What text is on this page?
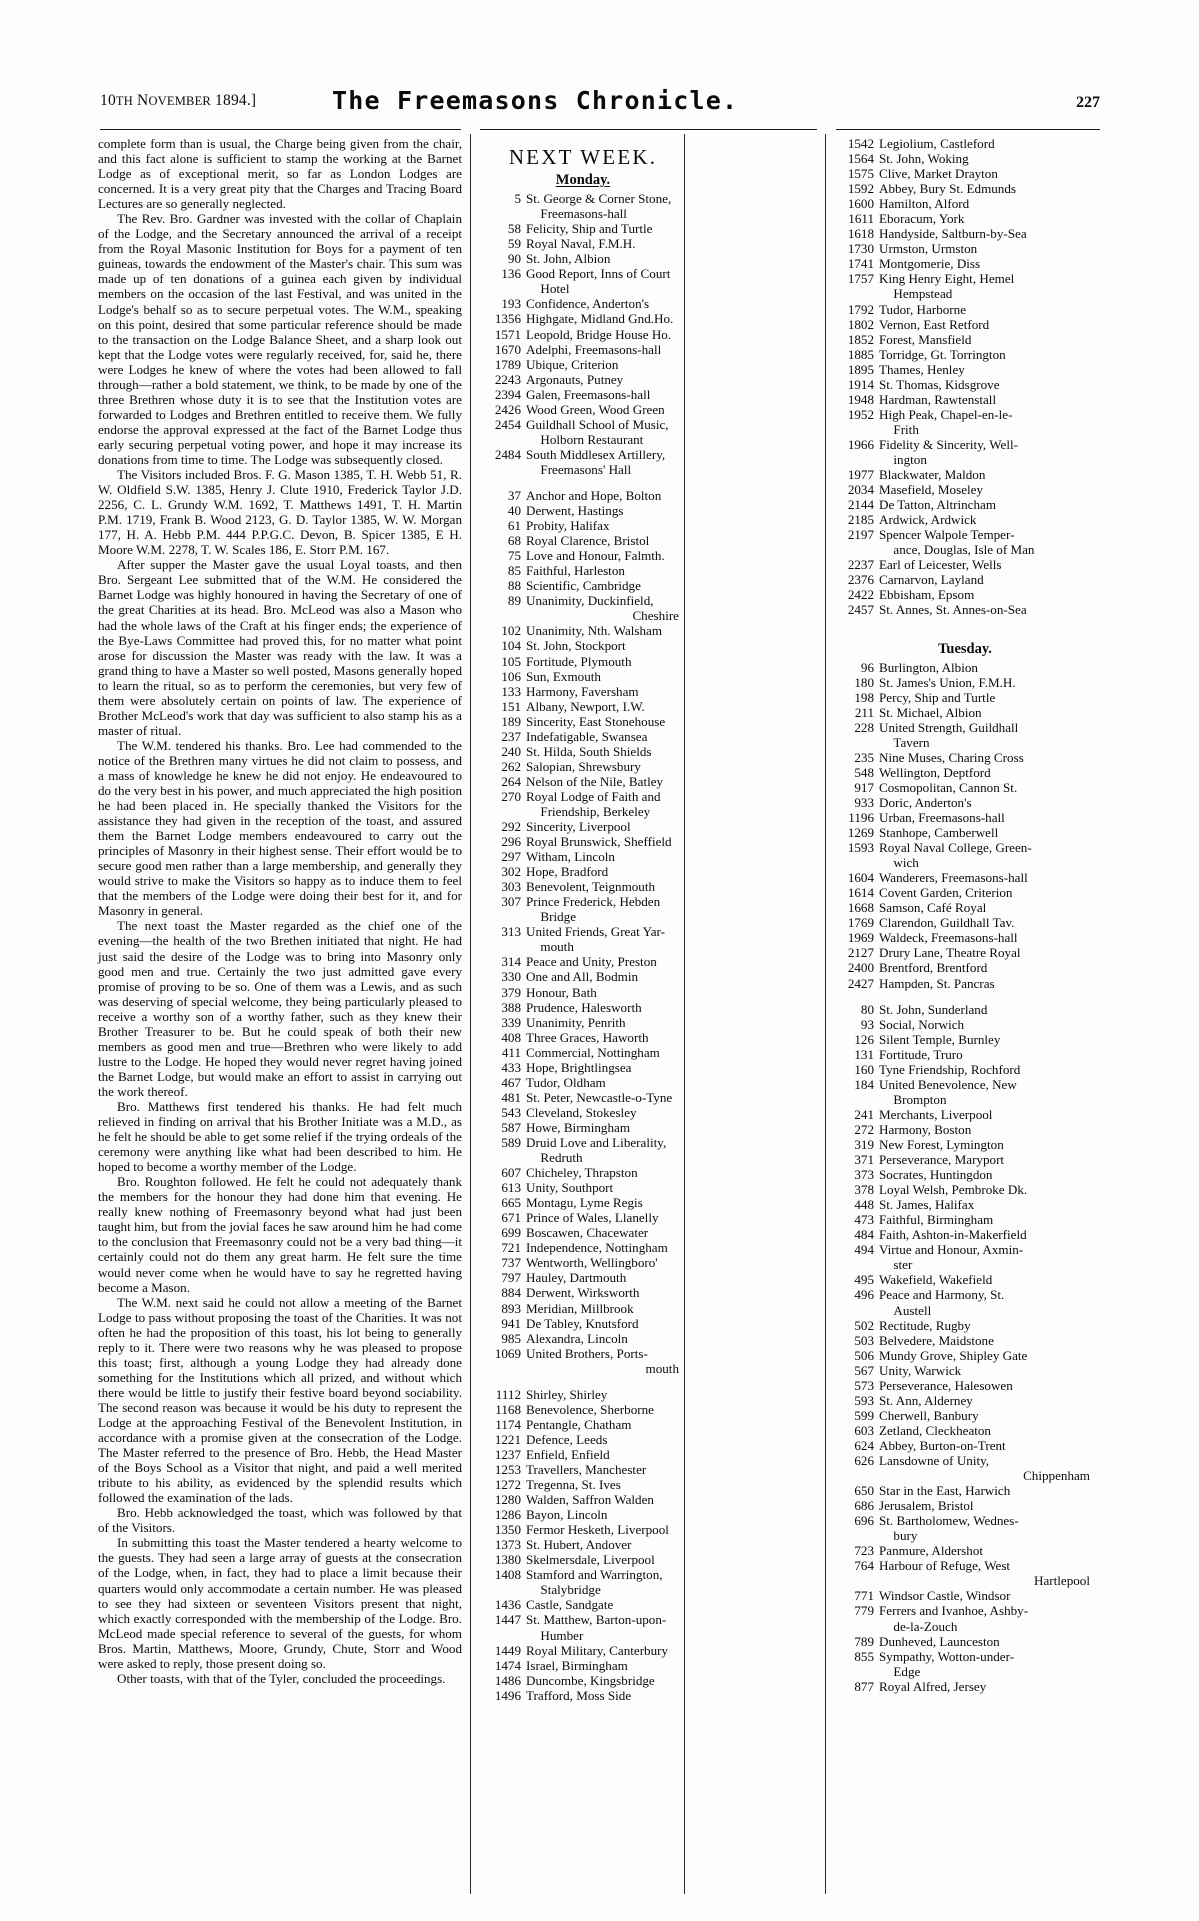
10TH NOVEMBER 1894.]	The Freemasons Chronicle.	227

complete form than is usual, the Charge being given from the chair, and this fact alone is sufficient to stamp the working at the Barnet Lodge as of exceptional merit, so far as London Lodges are concerned. It is a very great pity that the Charges and Tracing Board Lectures are so generally neglected.

The Rev. Bro. Gardner was invested with the collar of Chaplain of the Lodge, and the Secretary announced the arrival of a receipt from the Royal Masonic Institution for Boys for a payment of ten guineas, towards the endowment of the Master's chair. This sum was made up of ten donations of a guinea each given by individual members on the occasion of the last Festival, and was united in the Lodge's behalf so as to secure perpetual votes. The W.M., speaking on this point, desired that some particular reference should be made to the transaction on the Lodge Balance Sheet, and a sharp look out kept that the Lodge votes were regularly received, for, said he, there were Lodges he knew of where the votes had been allowed to fall through—rather a bold statement, we think, to be made by one of the three Brethren whose duty it is to see that the Institution votes are forwarded to Lodges and Brethren entitled to receive them. We fully endorse the approval expressed at the fact of the Barnet Lodge thus early securing perpetual voting power, and hope it may increase its donations from time to time. The Lodge was subsequently closed.

The Visitors included Bros. F. G. Mason 1385, T. H. Webb 51, R. W. Oldfield S.W. 1385, Henry J. Clute 1910, Frederick Taylor J.D. 2256, C. L. Grundy W.M. 1692, T. Matthews 1491, T. H. Martin P.M. 1719, Frank B. Wood 2123, G. D. Taylor 1385, W. W. Morgan 177, H. A. Hebb P.M. 444 P.P.G.C. Devon, B. Spicer 1385, E H. Moore W.M. 2278, T. W. Scales 186, E. Storr P.M. 167.

After supper the Master gave the usual Loyal toasts, and then Bro. Sergeant Lee submitted that of the W.M. He considered the Barnet Lodge was highly honoured in having the Secretary of one of the great Charities at its head. Bro. McLeod was also a Mason who had the whole laws of the Craft at his finger ends; the experience of the Bye-Laws Committee had proved this, for no matter what point arose for discussion the Master was ready with the law. It was a grand thing to have a Master so well posted, Masons generally hoped to learn the ritual, so as to perform the ceremonies, but very few of them were absolutely certain on points of law. The experience of Brother McLeod's work that day was sufficient to also stamp his as a master of ritual.

The W.M. tendered his thanks. Bro. Lee had commended to the notice of the Brethren many virtues he did not claim to possess, and a mass of knowledge he knew he did not enjoy. He endeavoured to do the very best in his power, and much appreciated the high position he had been placed in. He specially thanked the Visitors for the assistance they had given in the reception of the toast, and assured them the Barnet Lodge members endeavoured to carry out the principles of Masonry in their highest sense. Their effort would be to secure good men rather than a large membership, and generally they would strive to make the Visitors so happy as to induce them to feel that the members of the Lodge were doing their best for it, and for Masonry in general.

The next toast the Master regarded as the chief one of the evening—the health of the two Brethen initiated that night. He had just said the desire of the Lodge was to bring into Masonry only good men and true. Certainly the two just admitted gave every promise of proving to be so. One of them was a Lewis, and as such was deserving of special welcome, they being particularly pleased to receive a worthy son of a worthy father, such as they knew their Brother Treasurer to be. But he could speak of both their new members as good men and true—Brethren who were likely to add lustre to the Lodge. He hoped they would never regret having joined the Barnet Lodge, but would make an effort to assist in carrying out the work thereof.

Bro. Matthews first tendered his thanks. He had felt much relieved in finding on arrival that his Brother Initiate was a M.D., as he felt he should be able to get some relief if the trying ordeals of the ceremony were anything like what had been described to him. He hoped to become a worthy member of the Lodge.

Bro. Roughton followed. He felt he could not adequately thank the members for the honour they had done him that evening. He really knew nothing of Freemasonry beyond what had just been taught him, but from the jovial faces he saw around him he had come to the conclusion that Freemasonry could not be a very bad thing—it certainly could not do them any great harm. He felt sure the time would never come when he would have to say he regretted having become a Mason.

The W.M. next said he could not allow a meeting of the Barnet Lodge to pass without proposing the toast of the Charities. It was not often he had the proposition of this toast, his lot being to generally reply to it. There were two reasons why he was pleased to propose this toast; first, although a young Lodge they had already done something for the Institutions which all prized, and without which there would be little to justify their festive board beyond sociability. The second reason was because it would be his duty to represent the Lodge at the approaching Festival of the Benevolent Institution, in accordance with a promise given at the consecration of the Lodge. The Master referred to the presence of Bro. Hebb, the Head Master of the Boys School as a Visitor that night, and paid a well merited tribute to his ability, as evidenced by the splendid results which followed the examination of the lads.

Bro. Hebb acknowledged the toast, which was followed by that of the Visitors.

In submitting this toast the Master tendered a hearty welcome to the guests. They had seen a large array of guests at the consecration of the Lodge, when, in fact, they had to place a limit because their quarters would only accommodate a certain number. He was pleased to see they had sixteen or seventeen Visitors present that night, which exactly corresponded with the membership of the Lodge. Bro. McLeod made special reference to several of the guests, for whom Bros. Martin, Matthews, Moore, Grundy, Chute, Storr and Wood were asked to reply, those present doing so.

Other toasts, with that of the Tyler, concluded the proceedings.

NEXT WEEK.
Monday.
5 St. George & Corner Stone,
Freemasons-hall
58 Felicity, Ship and Turtle
59 Royal Naval, F.M.H.
90 St. John, Albion
136 Good Report, Inns of Court
Hotel
193 Confidence, Anderton's
1356 Highgate, Midland Gnd.Ho.
1571 Leopold, Bridge House Ho.
1670 Adelphi, Freemasons-hall
1789 Ubique, Criterion
2243 Argonauts, Putney
2394 Galen, Freemasons-hall
2426 Wood Green, Wood Green
2454 Guildhall School of Music,
Holborn Restaurant
2484 South Middlesex Artillery,
Freemasons' Hall
37 Anchor and Hope, Bolton
40 Derwent, Hastings
61 Probity, Halifax
68 Royal Clarence, Bristol
75 Love and Honour, Falmth.
85 Faithful, Harleston
88 Scientific, Cambridge
89 Unanimity, Duckinfield,
Cheshire
102 Unanimity, Nth. Walsham
104 St. John, Stockport
105 Fortitude, Plymouth
106 Sun, Exmouth
133 Harmony, Faversham
151 Albany, Newport, I.W.
189 Sincerity, East Stonehouse
237 Indefatigable, Swansea
240 St. Hilda, South Shields
262 Salopian, Shrewsbury
264 Nelson of the Nile, Batley
270 Royal Lodge of Faith and
Friendship, Berkeley
292 Sincerity, Liverpool
296 Royal Brunswick, Sheffield
297 Witham, Lincoln
302 Hope, Bradford
303 Benevolent, Teignmouth
307 Prince Frederick, Hebden
Bridge
313 United Friends, Great Yar-
mouth
314 Peace and Unity, Preston
330 One and All, Bodmin
379 Honour, Bath
388 Prudence, Halesworth
339 Unanimity, Penrith
408 Three Graces, Haworth
411 Commercial, Nottingham
433 Hope, Brightlingsea
467 Tudor, Oldham
481 St. Peter, Newcastle-o-Tyne
543 Cleveland, Stokesley
587 Howe, Birmingham
589 Druid Love and Liberality,
Redruth
607 Chicheley, Thrapston
613 Unity, Southport
665 Montagu, Lyme Regis
671 Prince of Wales, Llanelly
699 Boscawen, Chacewater
721 Independence, Nottingham
737 Wentworth, Wellingboro'
797 Hauley, Dartmouth
884 Derwent, Wirksworth
893 Meridian, Millbrook
941 De Tabley, Knutsford
985 Alexandra, Lincoln
1069 United Brothers, Ports-
mouth
1112 Shirley, Shirley
1168 Benevolence, Sherborne
1174 Pentangle, Chatham
1221 Defence, Leeds
1237 Enfield, Enfield
1253 Travellers, Manchester
1272 Tregenna, St. Ives
1280 Walden, Saffron Walden
1286 Bayon, Lincoln
1350 Fermor Hesketh, Liverpool
1373 St. Hubert, Andover
1380 Skelmersdale, Liverpool
1408 Stamford and Warrington,
Stalybridge
1436 Castle, Sandgate
1447 St. Matthew, Barton-upon-
Humber
1449 Royal Military, Canterbury
1474 Israel, Birmingham
1486 Duncombe, Kingsbridge
1496 Trafford, Moss Side
1542 Legiolium, Castleford
1564 St. John, Woking
1575 Clive, Market Drayton
1592 Abbey, Bury St. Edmunds
1600 Hamilton, Alford
1611 Eboracum, York
1618 Handyside, Saltburn-by-Sea
1730 Urmston, Urmston
1741 Montgomerie, Diss
1757 King Henry Eight, Hemel
Hempstead
1792 Tudor, Harborne
1802 Vernon, East Retford
1852 Forest, Mansfield
1885 Torridge, Gt. Torrington
1895 Thames, Henley
1914 St. Thomas, Kidsgrove
1948 Hardman, Rawtenstall
1952 High Peak, Chapel-en-le-
Frith
1966 Fidelity & Sincerity, Well-
ington
1977 Blackwater, Maldon
2034 Masefield, Moseley
2144 De Tatton, Altrincham
2185 Ardwick, Ardwick
2197 Spencer Walpole Temper-
ance, Douglas, Isle of Man
2237 Earl of Leicester, Wells
2376 Carnarvon, Layland
2422 Ebbisham, Epsom
2457 St. Annes, St. Annes-on-Sea
Tuesday.
96 Burlington, Albion
180 St. James's Union, F.M.H.
198 Percy, Ship and Turtle
211 St. Michael, Albion
228 United Strength, Guildhall
Tavern
235 Nine Muses, Charing Cross
548 Wellington, Deptford
917 Cosmopolitan, Cannon St.
933 Doric, Anderton's
1196 Urban, Freemasons-hall
1269 Stanhope, Camberwell
1593 Royal Naval College, Green-
wich
1604 Wanderers, Freemasons-hall
1614 Covent Garden, Criterion
1668 Samson, Café Royal
1769 Clarendon, Guildhall Tav.
1969 Waldeck, Freemasons-hall
2127 Drury Lane, Theatre Royal
2400 Brentford, Brentford
2427 Hampden, St. Pancras
80 St. John, Sunderland
93 Social, Norwich
126 Silent Temple, Burnley
131 Fortitude, Truro
160 Tyne Friendship, Rochford
184 United Benevolence, New
Brompton
241 Merchants, Liverpool
272 Harmony, Boston
319 New Forest, Lymington
371 Perseverance, Maryport
373 Socrates, Huntingdon
378 Loyal Welsh, Pembroke Dk.
448 St. James, Halifax
473 Faithful, Birmingham
484 Faith, Ashton-in-Makerfield
494 Virtue and Honour, Axmin-
ster
495 Wakefield, Wakefield
496 Peace and Harmony, St.
Austell
502 Rectitude, Rugby
503 Belvedere, Maidstone
506 Mundy Grove, Shipley Gate
567 Unity, Warwick
573 Perseverance, Halesowen
593 St. Ann, Alderney
599 Cherwell, Banbury
603 Zetland, Cleckheaton
624 Abbey, Burton-on-Trent
626 Lansdowne of Unity,
Chippenham
650 Star in the East, Harwich
686 Jerusalem, Bristol
696 St. Bartholomew, Wednes-
bury
723 Panmure, Aldershot
764 Harbour of Refuge, West
Hartlepool
771 Windsor Castle, Windsor
779 Ferrers and Ivanhoe, Ashby-
de-la-Zouch
789 Dunheved, Launceston
855 Sympathy, Wotton-under-
Edge
877 Royal Alfred, Jersey
